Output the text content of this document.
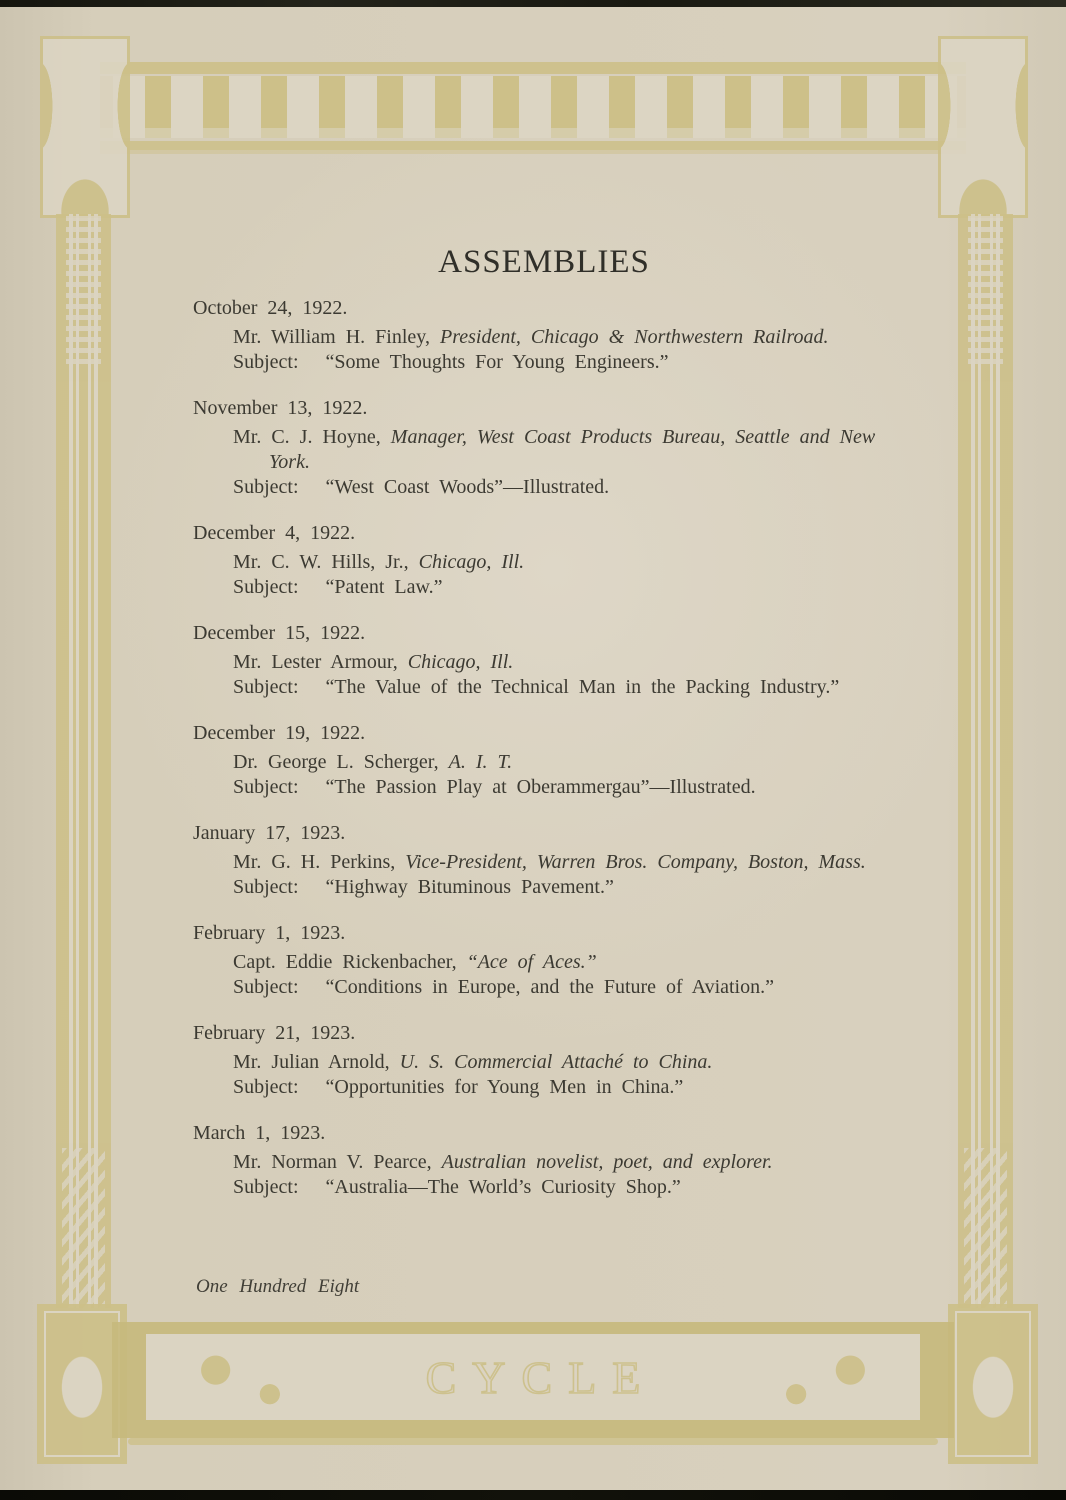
CYCLE
ASSEMBLIES

October 24, 1922.

Mr. William H. Finley, President, Chicago & Northwestern Railroad.

Subject: “Some Thoughts For Young Engineers.”

November 13, 1922.

Mr. C. J. Hoyne, Manager, West Coast Products Bureau, Seattle and New York.

Subject: “West Coast Woods”—Illustrated.

December 4, 1922.

Mr. C. W. Hills, Jr., Chicago, Ill.

Subject: “Patent Law.”

December 15, 1922.

Mr. Lester Armour, Chicago, Ill.

Subject: “The Value of the Technical Man in the Packing Industry.”

December 19, 1922.

Dr. George L. Scherger, A. I. T.

Subject: “The Passion Play at Oberammergau”—Illustrated.

January 17, 1923.

Mr. G. H. Perkins, Vice-President, Warren Bros. Company, Boston, Mass.

Subject: “Highway Bituminous Pavement.”

February 1, 1923.

Capt. Eddie Rickenbacher, “Ace of Aces.”

Subject: “Conditions in Europe, and the Future of Aviation.”

February 21, 1923.

Mr. Julian Arnold, U. S. Commercial Attaché to China.

Subject: “Opportunities for Young Men in China.”

March 1, 1923.

Mr. Norman V. Pearce, Australian novelist, poet, and explorer.

Subject: “Australia—The World’s Curiosity Shop.”

One Hundred Eight
